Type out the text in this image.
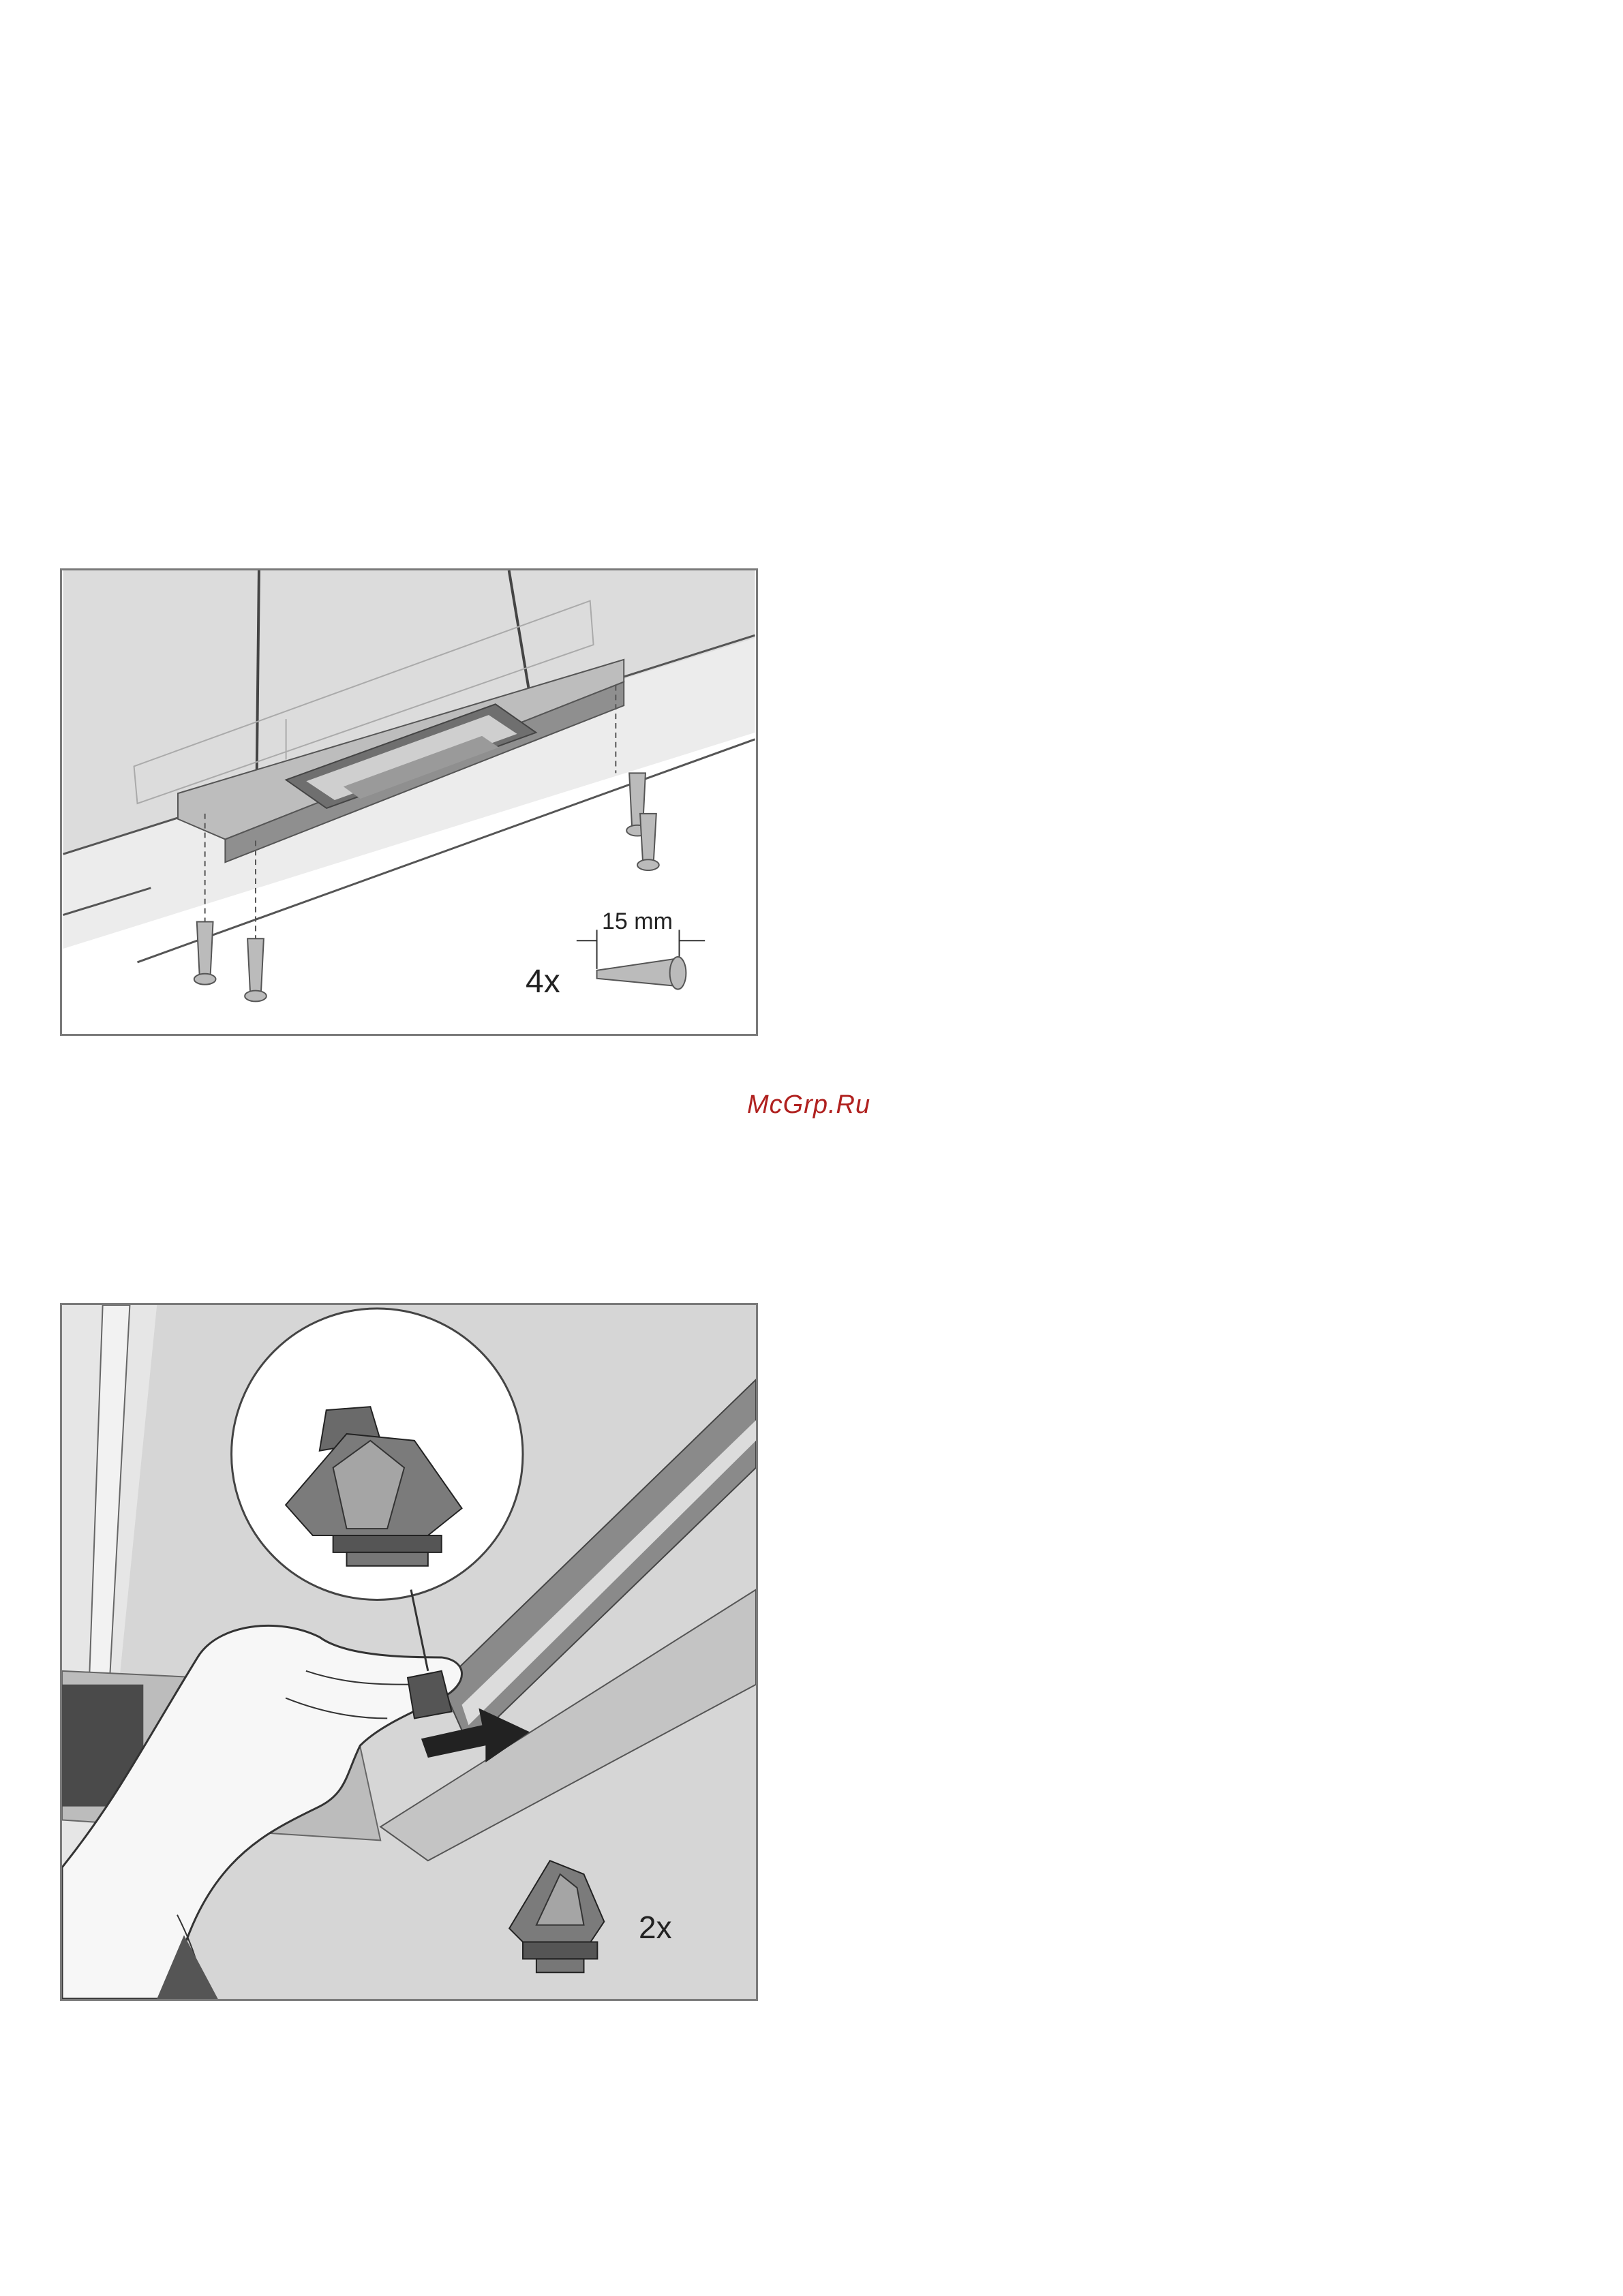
15 mm
4x
McGrp.Ru
2x
